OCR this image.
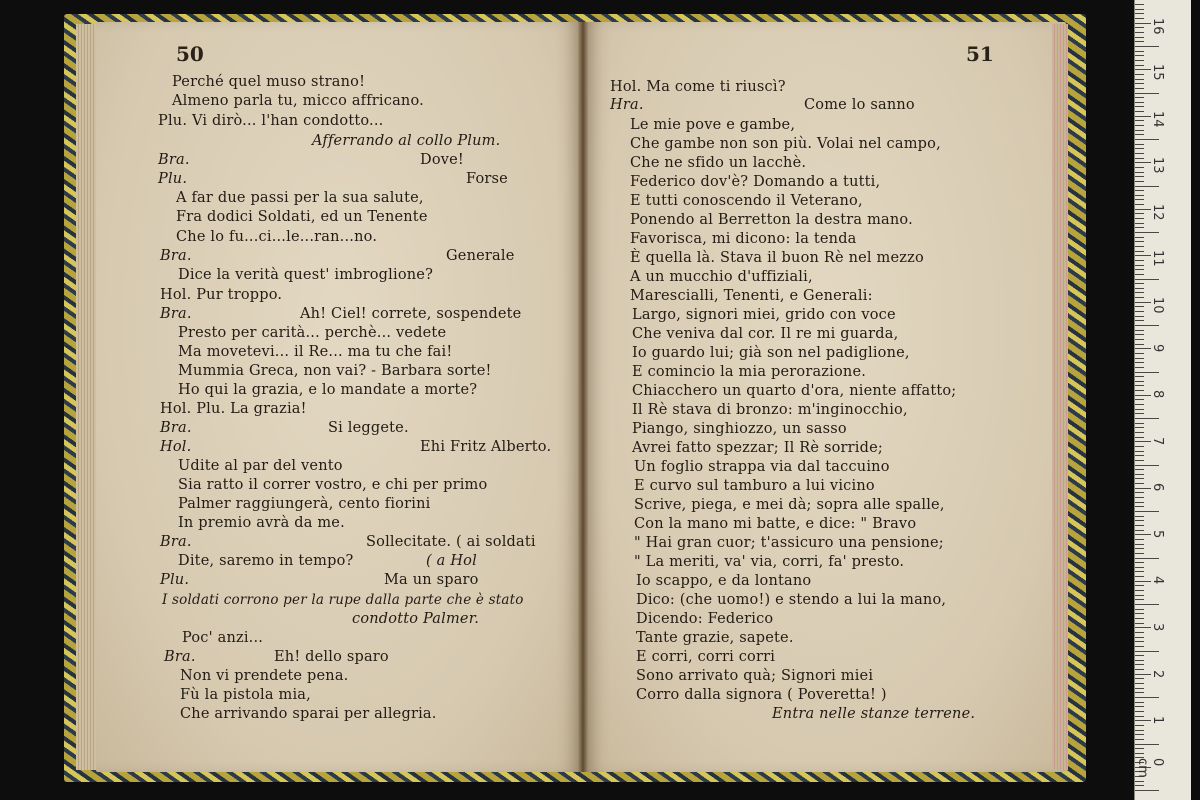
50	51
Perché quel muso strano!
Almeno parla tu, micco affricano.
Plu. Vi dirò... l'han condotto...
Afferrando al collo Plum.
Bra.	Dove!
Plu.	Forse
A far due passi per la sua salute,
Fra dodici Soldati, ed un Tenente
Che lo fu...ci...le...ran...no.
Bra.	Generale
Dice la verità quest' imbroglione?
Hol. Pur troppo.
Bra.	Ah! Ciel! correte, sospendete
Presto per carità... perchè... vedete
Ma movetevi... il Re... ma tu che fai!
Mummia Greca, non vai? - Barbara sorte!
Ho qui la grazia, e lo mandate a morte?
Hol. Plu. La grazia!
Bra.	Si leggete.
Hol.	Ehi Fritz Alberto.
Udite al par del vento
Sia ratto il correr vostro, e chi per primo
Palmer raggiungerà, cento fiorini
In premio avrà da me.
Bra.	Sollecitate. ( ai soldati
Dite, saremo in tempo?	( a Hol
Plu.	Ma un sparo
I soldati corrono per la rupe dalla parte che è stato
condotto Palmer.
Poc' anzi...
Bra.	Eh! dello sparo
Non vi prendete pena.
Fù la pistola mia,
Che arrivando sparai per allegria.
Hol. Ma come ti riuscì?
Hra.	Come lo sanno
Le mie pove e gambe,
Che gambe non son più. Volai nel campo,
Che ne sfido un lacchè.
Federico dov'è? Domando a tutti,
E tutti conoscendo il Veterano,
Ponendo al Berretton la destra mano.
Favorisca, mi dicono: la tenda
È quella là. Stava il buon Rè nel mezzo
A un mucchio d'uffiziali,
Marescialli, Tenenti, e Generali:
Largo, signori miei, grido con voce
Che veniva dal cor. Il re mi guarda,
Io guardo lui; già son nel padiglione,
E comincio la mia perorazione.
Chiacchero un quarto d'ora, niente affatto;
Il Rè stava di bronzo: m'inginocchio,
Piango, singhiozzo, un sasso
Avrei fatto spezzar; Il Rè sorride;
Un foglio strappa via dal taccuino
E curvo sul tamburo a lui vicino
Scrive, piega, e mei dà; sopra alle spalle,
Con la mano mi batte, e dice: " Bravo
" Hai gran cuor; t'assicuro una pensione;
" La meriti, va' via, corri, fa' presto.
Io scappo, e da lontano
Dico: (che uomo!) e stendo a lui la mano,
Dicendo: Federico
Tante grazie, sapete.
E corri, corri corri
Sono arrivato quà; Signori miei
Corro dalla signora ( Poveretta! )
Entra nelle stanze terrene.
16
15
14
13
12
11
10
9
8
7
6
5
4
3
2
1
0 cm
